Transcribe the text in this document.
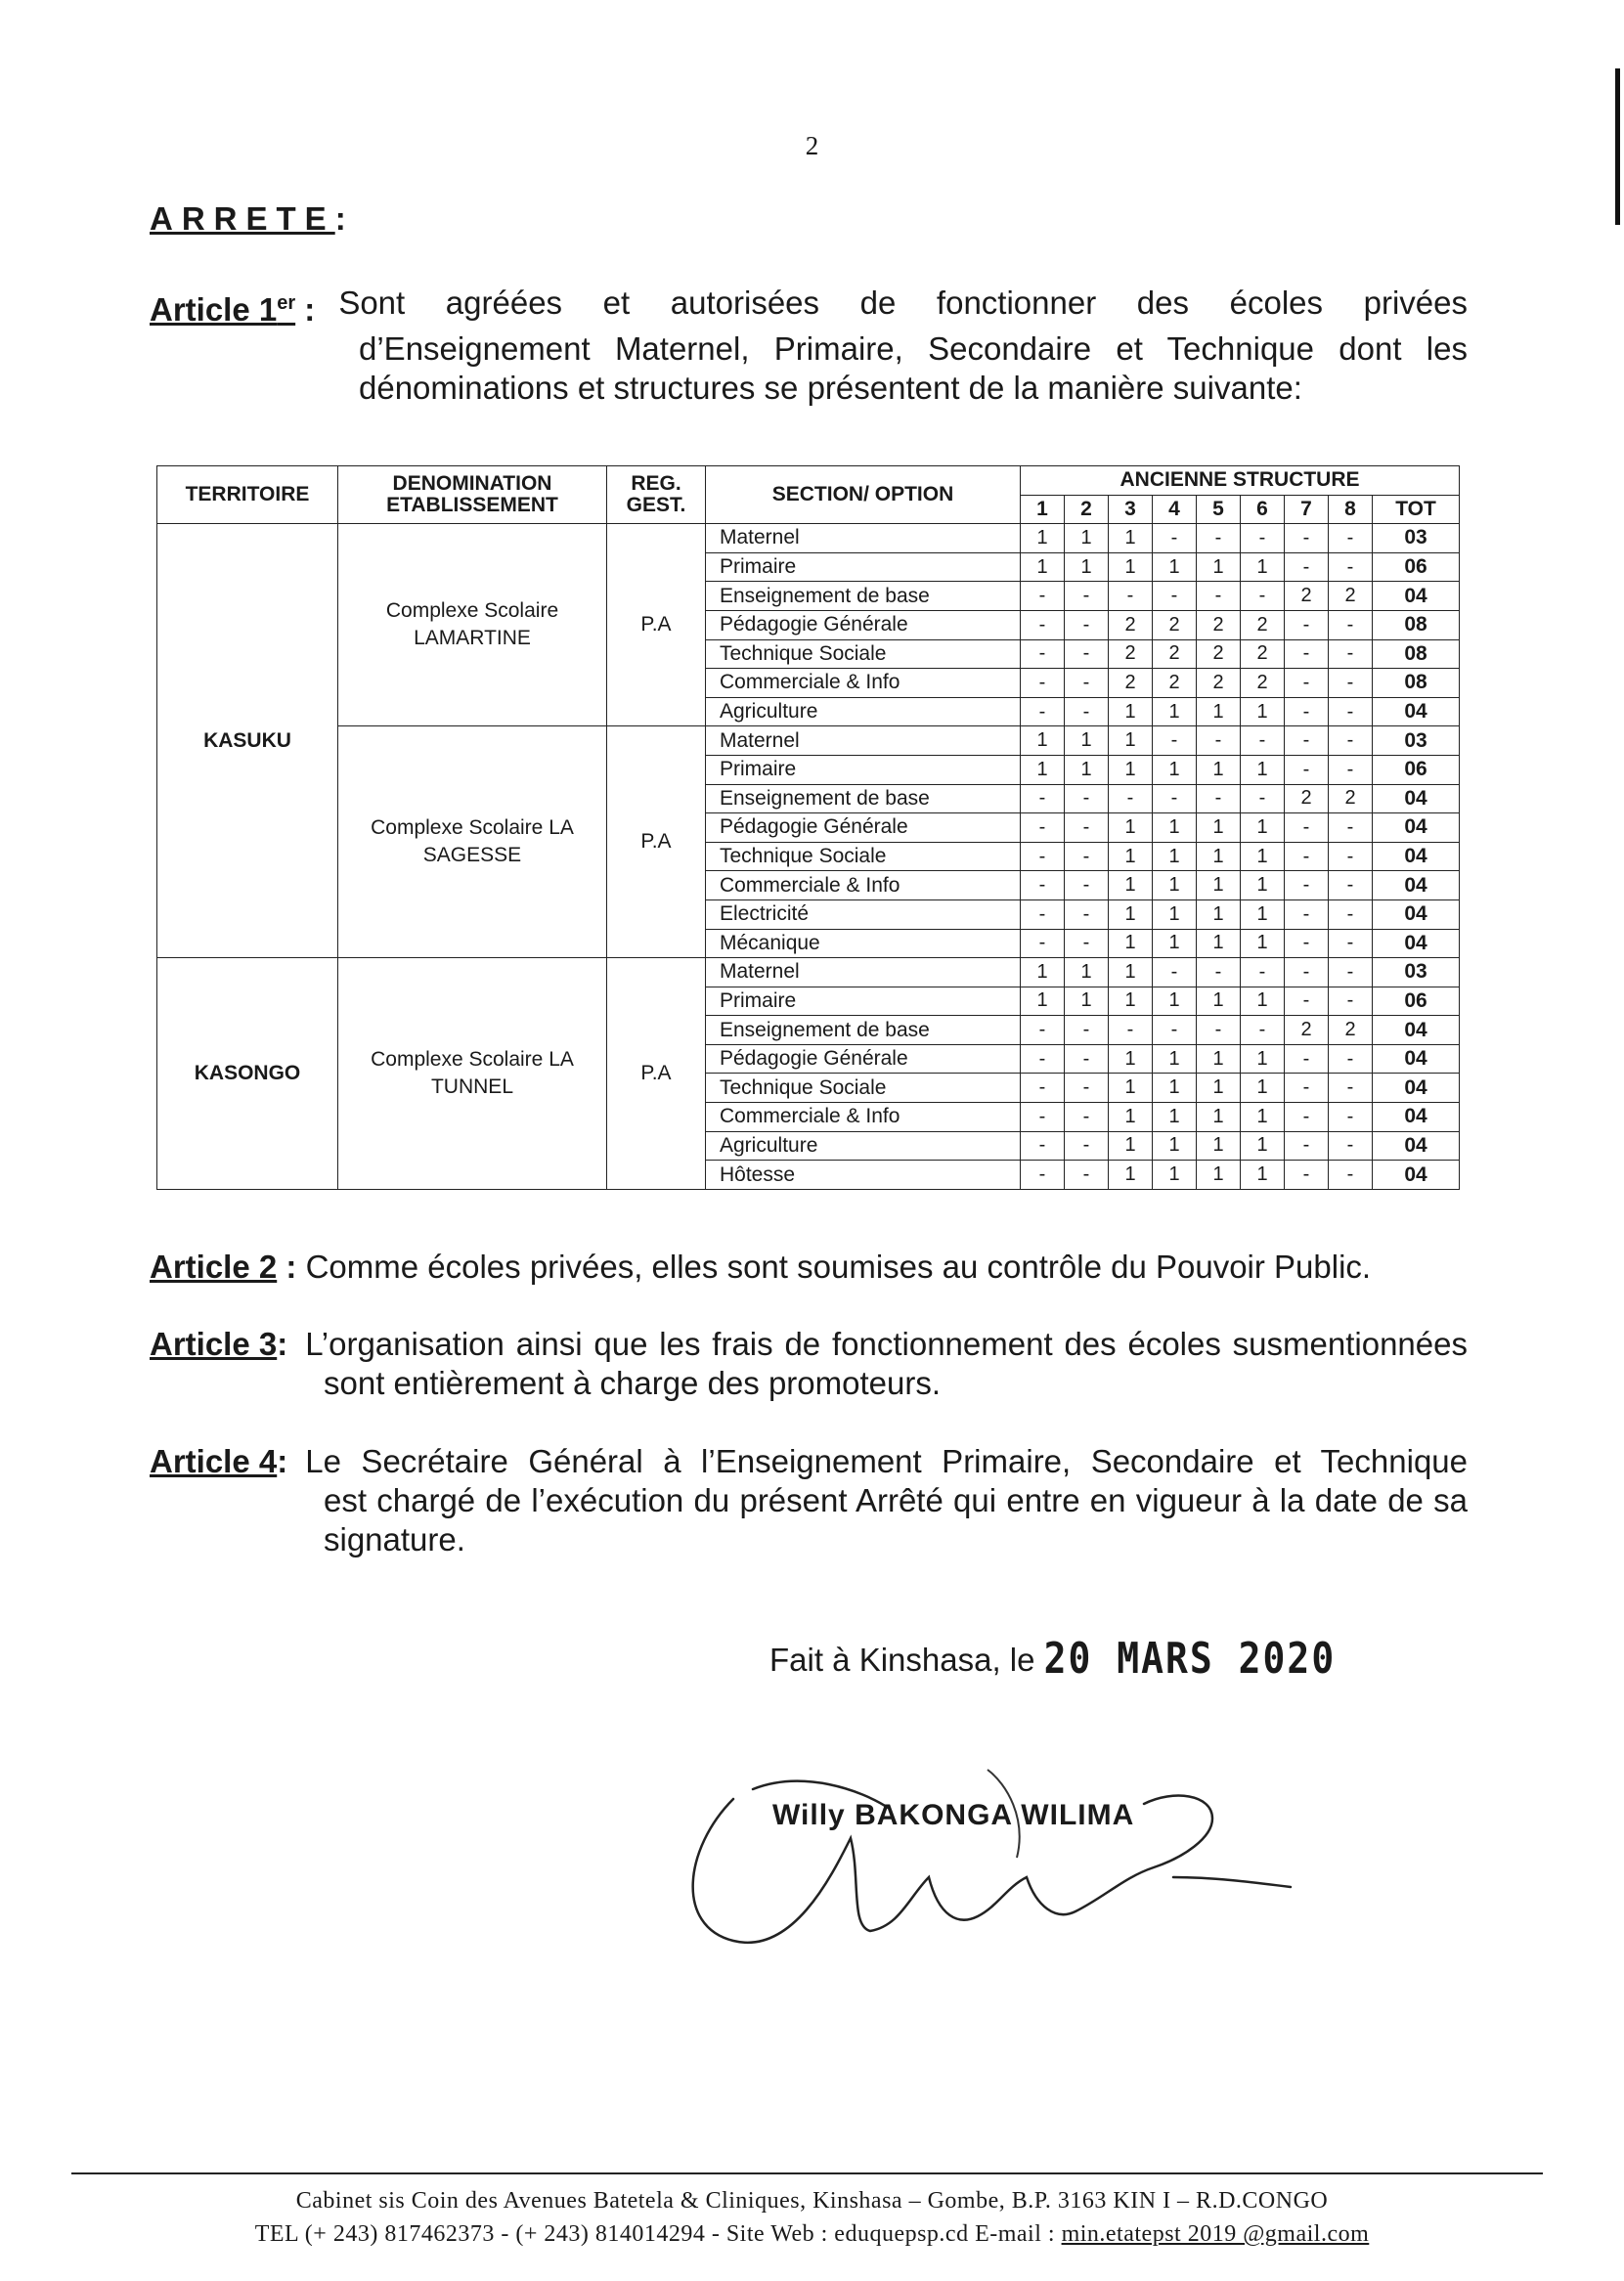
2
ARRETE:
Article 1er : Sont agréées et autorisées de fonctionner des écoles privées
d’Enseignement Maternel, Primaire, Secondaire et Technique dont les dénominations et structures se présentent de la manière suivante:
TERRITOIRE	DENOMINATION ETABLISSEMENT	REG. GEST.	SECTION/ OPTION	ANCIENNE STRUCTURE								
				1	2	3	4	5	6	7	8	TOT
KASUKU	Complexe Scolaire LAMARTINE	P.A	Maternel	1	1	1	-	-	-	-	-	03
			Primaire	1	1	1	1	1	1	-	-	06
			Enseignement de base	-	-	-	-	-	-	2	2	04
			Pédagogie Générale	-	-	2	2	2	2	-	-	08
			Technique Sociale	-	-	2	2	2	2	-	-	08
			Commerciale & Info	-	-	2	2	2	2	-	-	08
			Agriculture	-	-	1	1	1	1	-	-	04
	Complexe Scolaire LA SAGESSE	P.A	Maternel	1	1	1	-	-	-	-	-	03
			Primaire	1	1	1	1	1	1	-	-	06
			Enseignement de base	-	-	-	-	-	-	2	2	04
			Pédagogie Générale	-	-	1	1	1	1	-	-	04
			Technique Sociale	-	-	1	1	1	1	-	-	04
			Commerciale & Info	-	-	1	1	1	1	-	-	04
			Electricité	-	-	1	1	1	1	-	-	04
			Mécanique	-	-	1	1	1	1	-	-	04
KASONGO	Complexe Scolaire LA TUNNEL	P.A	Maternel	1	1	1	-	-	-	-	-	03
			Primaire	1	1	1	1	1	1	-	-	06
			Enseignement de base	-	-	-	-	-	-	2	2	04
			Pédagogie Générale	-	-	1	1	1	1	-	-	04
			Technique Sociale	-	-	1	1	1	1	-	-	04
			Commerciale & Info	-	-	1	1	1	1	-	-	04
			Agriculture	-	-	1	1	1	1	-	-	04
			Hôtesse	-	-	1	1	1	1	-	-	04
Article 2 : Comme écoles privées, elles sont soumises au contrôle du Pouvoir Public.
Article 3: L’organisation ainsi que les frais de fonctionnement des écoles susmentionnées
sont entièrement à charge des promoteurs.
Article 4: Le Secrétaire Général à l’Enseignement Primaire, Secondaire et Technique
est chargé de l’exécution du présent Arrêté qui entre en vigueur à la date de sa signature.
Fait à Kinshasa, le 20 MARS 2020
Willy BAKONGA WILIMA
Cabinet sis Coin des Avenues Batetela & Cliniques, Kinshasa – Gombe, B.P. 3163 KIN I – R.D.CONGO
TEL (+ 243) 817462373 - (+ 243) 814014294 - Site Web : eduquepsp.cd E-mail : min.etatepst 2019 @gmail.com
